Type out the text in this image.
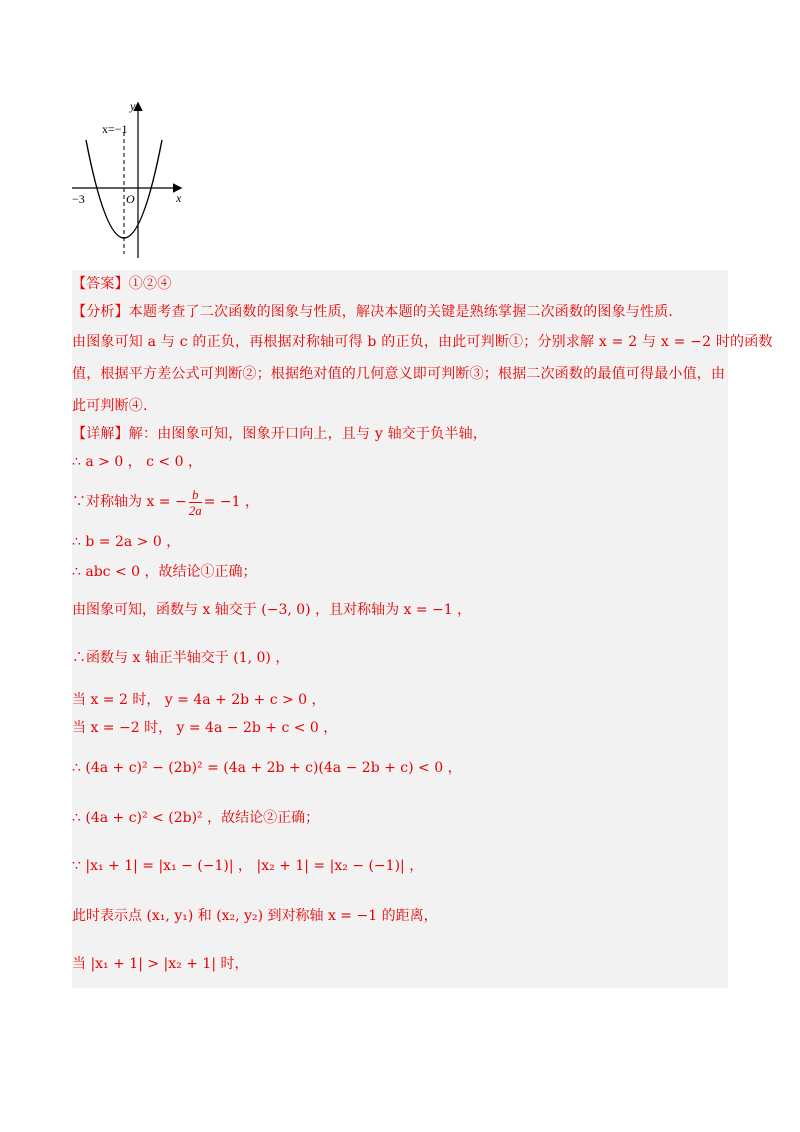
y
x
x=−1
−3	O
【答案】①②④
【分析】本题考查了二次函数的图象与性质，解决本题的关键是熟练掌握二次函数的图象与性质．
由图象可知 a 与 c 的正负，再根据对称轴可得 b 的正负，由此可判断①；分别求解 x = 2 与 x = −2 时的函数
值，根据平方差公式可判断②；根据绝对值的几何意义即可判断③；根据二次函数的最值可得最小值，由
此可判断④.
【详解】解：由图象可知，图象开口向上，且与 y 轴交于负半轴，
∴ a > 0 ， c < 0 ，
∵对称轴为 x = − $\frac{b}{2a} = -1$ ，
∴ b = 2a > 0 ，
∴ abc < 0 ，故结论①正确；
由图象可知，函数与 x 轴交于 (−3, 0) ，且对称轴为 x = −1 ，
∴函数与 x 轴正半轴交于 (1, 0) ，
当 x = 2 时， y = 4a + 2b + c > 0 ，
当 x = −2 时， y = 4a − 2b + c < 0 ，
∴ (4a + c)² − (2b)² = (4a + 2b + c)(4a − 2b + c) < 0 ，
∴ (4a + c)² < (2b)² ，故结论②正确；
∵ |x₁ + 1| = |x₁ − (−1)| ， |x₂ + 1| = |x₂ − (−1)| ，
此时表示点 (x₁, y₁) 和 (x₂, y₂) 到对称轴 x = −1 的距离，
当 |x₁ + 1| > |x₂ + 1| 时，
